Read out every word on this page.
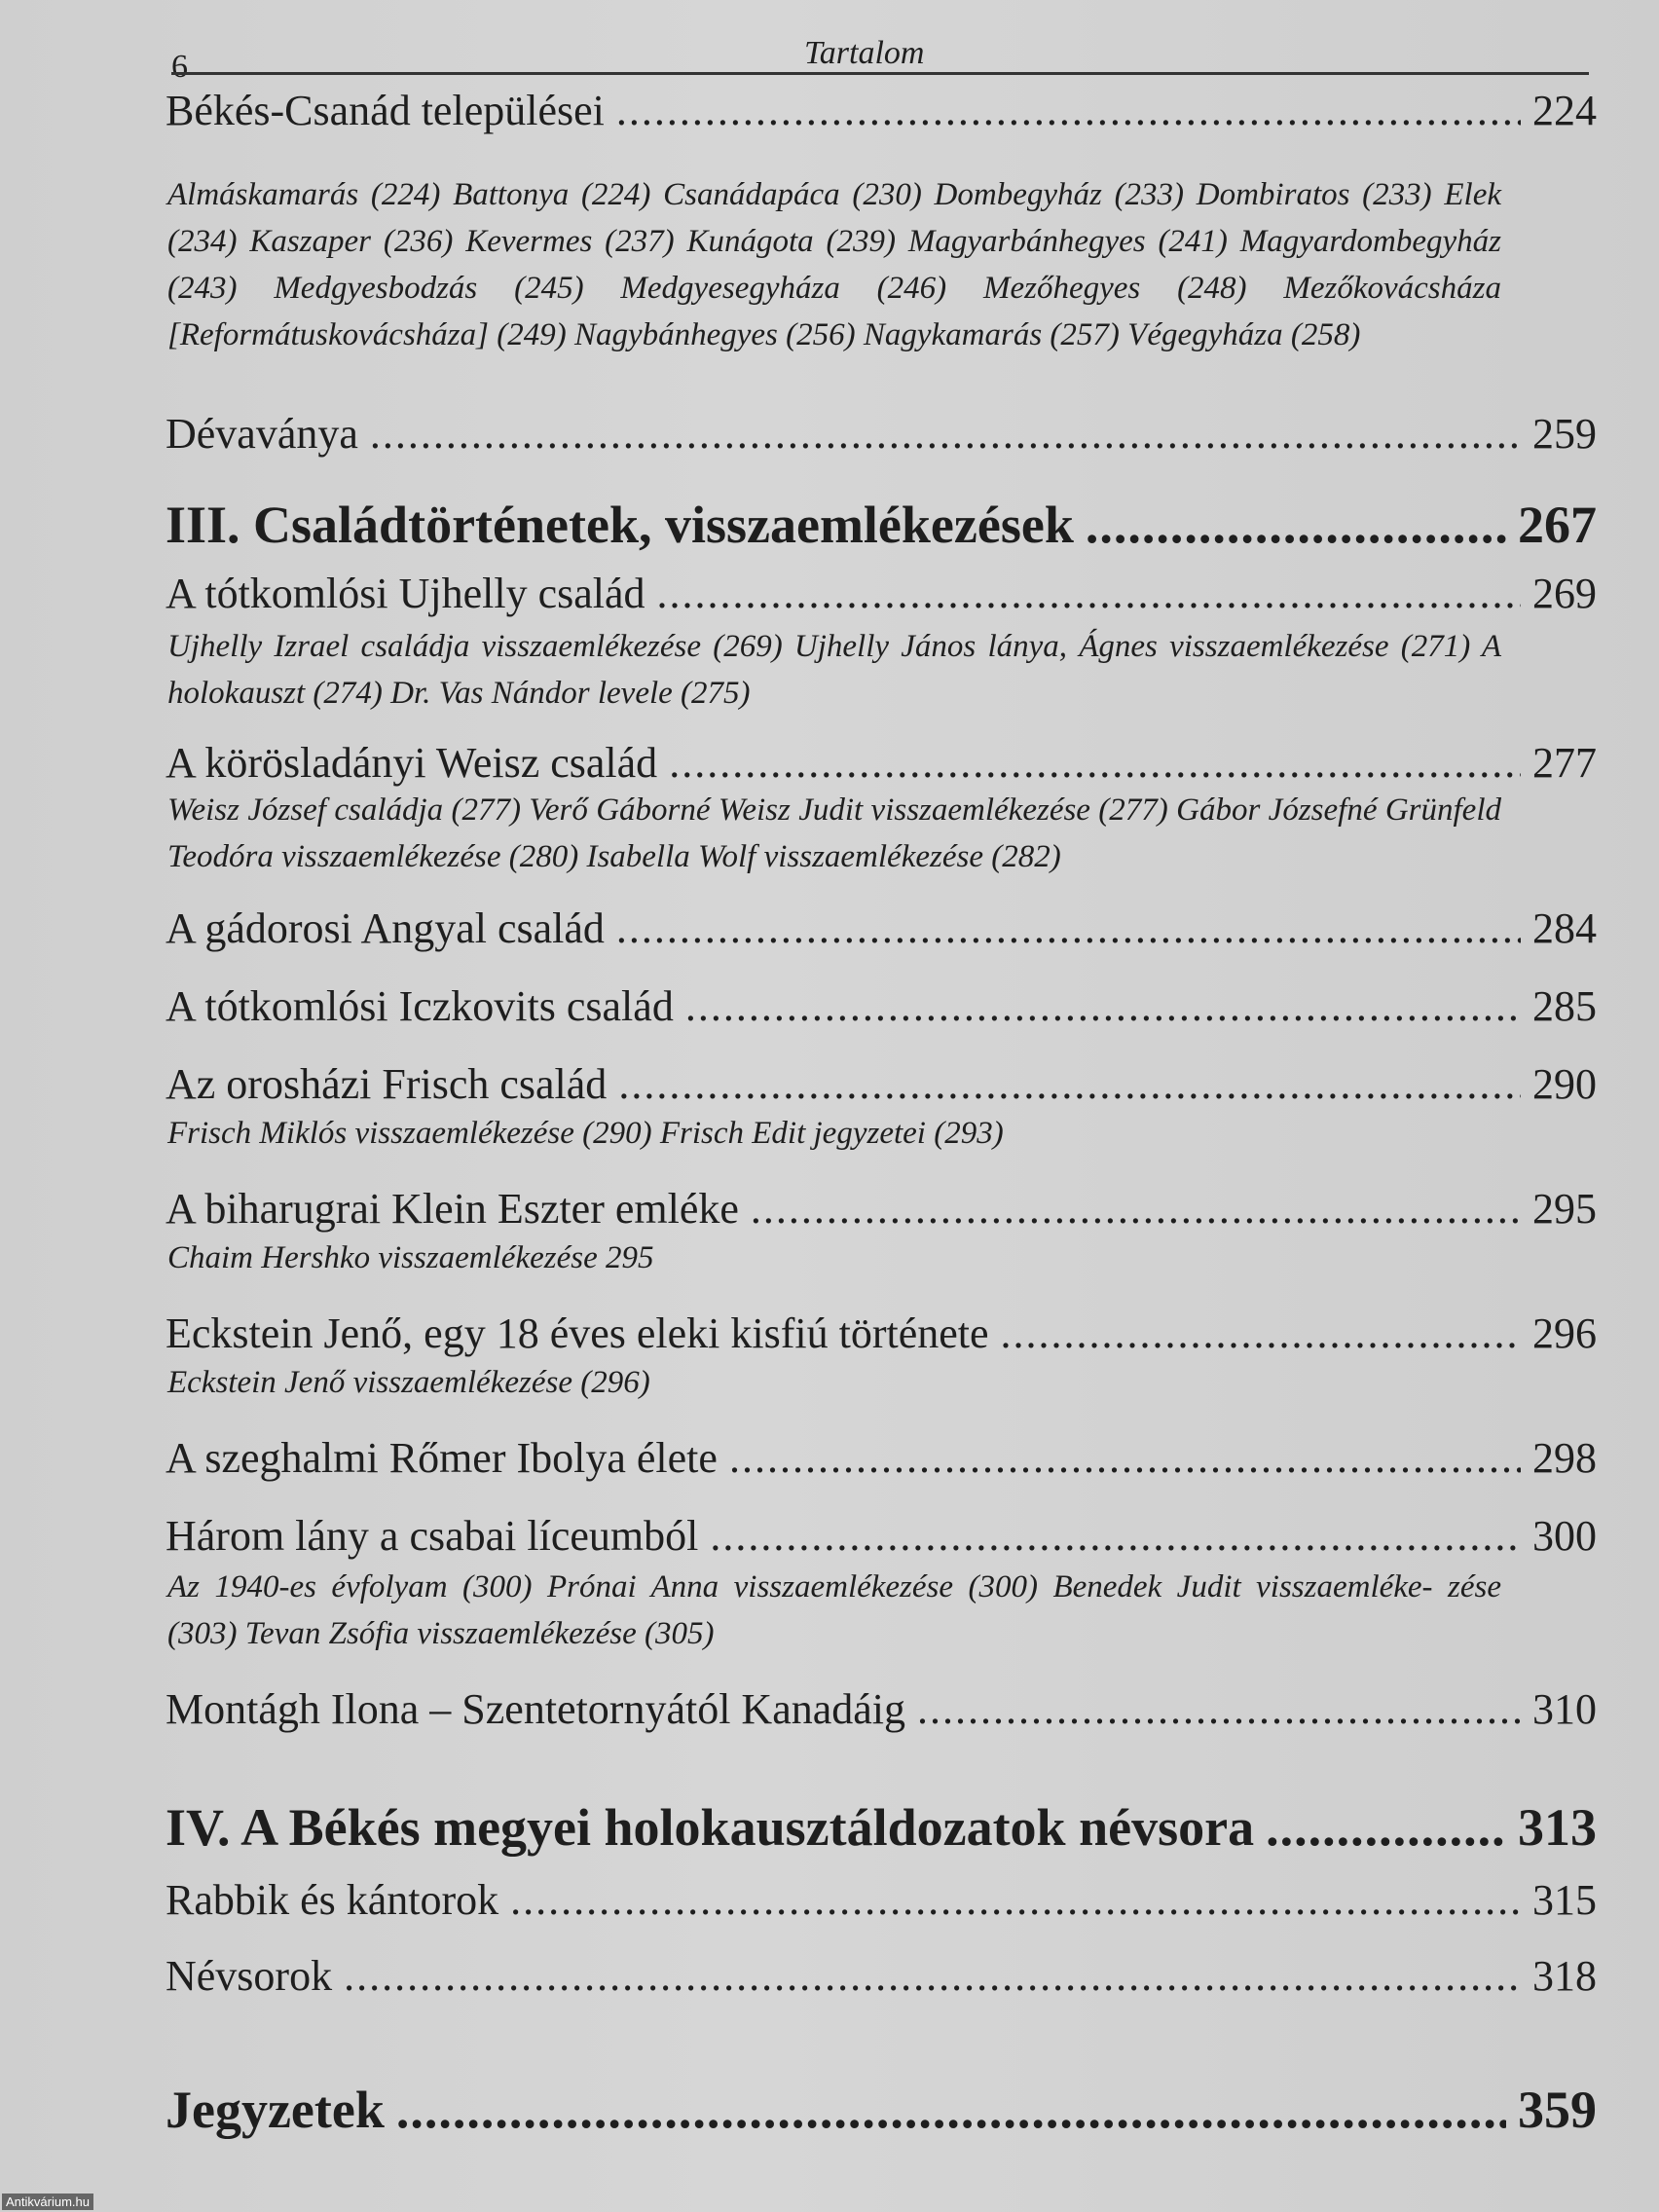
6	Tartalom
Békés-Csanád települései .....	224
Almáskamarás (224) Battonya (224) Csanádapáca (230) Dombegyház (233) Dombiratos (233) Elek (234) Kaszaper (236) Kevermes (237) Kunágota (239) Magyarbánhegyes (241) Magyardombegyház (243) Medgyesbodzás (245) Medgyesegyháza (246) Mezőhegyes (248) Mezőkovácsháza [Reformátuskovácsháza] (249) Nagybánhegyes (256) Nagykamarás (257) Végegyháza (258)
Dévaványa .....	259
III. Családtörténetek, visszaemlékezések .....	267
A tótkomlósi Ujhelly család .....	269
Ujhelly Izrael családja visszaemlékezése (269) Ujhelly János lánya, Ágnes visszaemlékezése (271) A holokauszt (274) Dr. Vas Nándor levele (275)
A körösladányi Weisz család .....	277
Weisz József családja (277) Verő Gáborné Weisz Judit visszaemlékezése (277) Gábor Józsefné Grünfeld Teodóra visszaemlékezése (280) Isabella Wolf visszaemlékezése (282)
A gádorosi Angyal család .....	284
A tótkomlósi Iczkovits család .....	285
Az orosházi Frisch család .....	290
Frisch Miklós visszaemlékezése (290) Frisch Edit jegyzetei (293)
A biharugrai Klein Eszter emléke .....	295
Chaim Hershko visszaemlékezése 295
Eckstein Jenő, egy 18 éves eleki kisfiú története .....	296
Eckstein Jenő visszaemlékezése (296)
A szeghalmi Rőmer Ibolya élete .....	298
Három lány a csabai líceumból .....	300
Az 1940-es évfolyam (300) Prónai Anna visszaemlékezése (300) Benedek Judit visszaemléke- zése (303) Tevan Zsófia visszaemlékezése (305)
Montágh Ilona – Szentetornyától Kanadáig .....	310
IV. A Békés megyei holokausztáldozatok névsora .....	313
Rabbik és kántorok .....	315
Névsorok .....	318
Jegyzetek .....	359
Antikvárium.hu
